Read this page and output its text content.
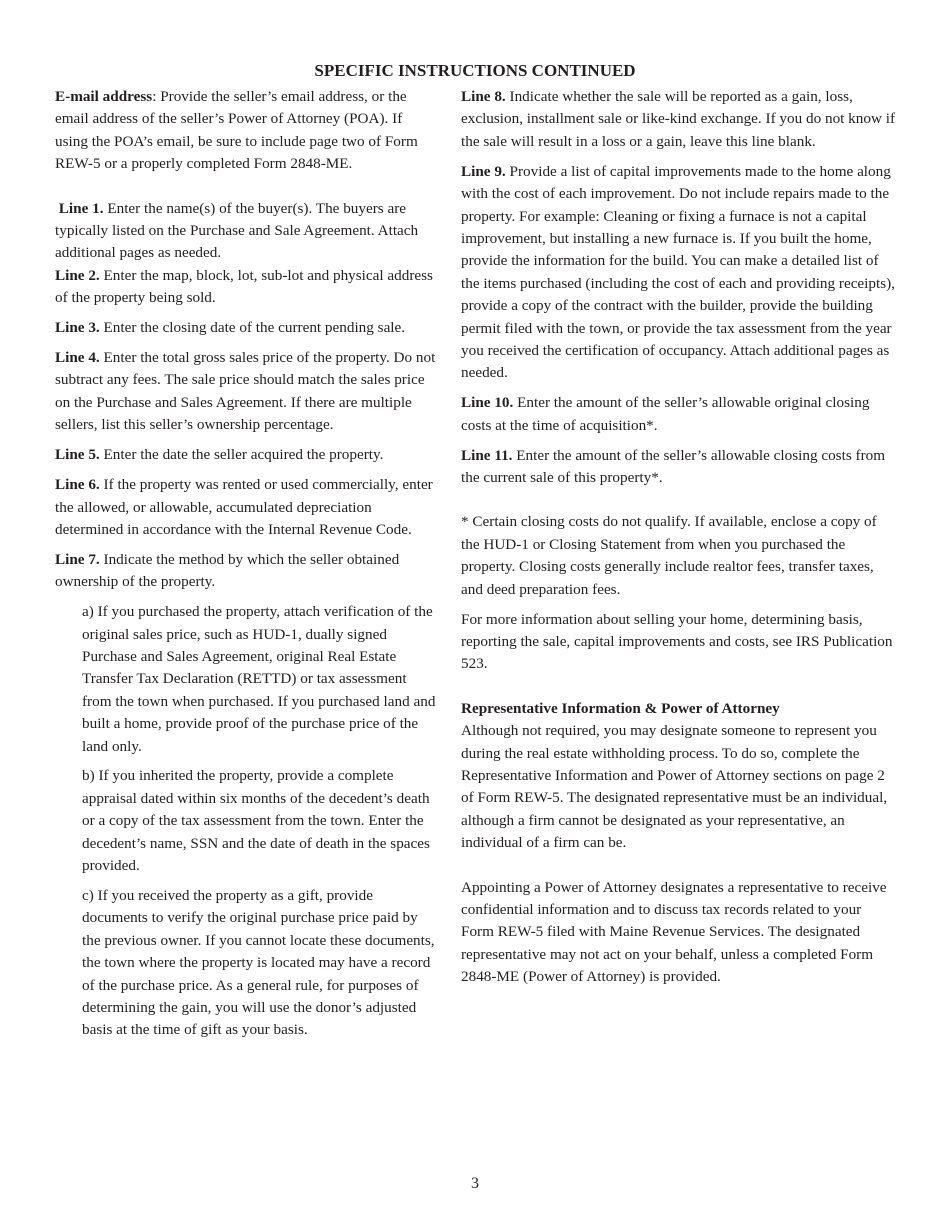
SPECIFIC INSTRUCTIONS CONTINUED

E-mail address: Provide the seller’s email address, or the email address of the seller’s Power of Attorney (POA). If using the POA’s email, be sure to include page two of Form REW-5 or a properly completed Form 2848-ME.

Line 1. Enter the name(s) of the buyer(s). The buyers are typically listed on the Purchase and Sale Agreement. Attach additional pages as needed.

Line 2. Enter the map, block, lot, sub-lot and physical address of the property being sold.

Line 3. Enter the closing date of the current pending sale.

Line 4. Enter the total gross sales price of the property. Do not subtract any fees. The sale price should match the sales price on the Purchase and Sales Agreement. If there are multiple sellers, list this seller’s ownership percentage.

Line 5. Enter the date the seller acquired the property.

Line 6. If the property was rented or used commercially, enter the allowed, or allowable, accumulated depreciation determined in accordance with the Internal Revenue Code.

Line 7. Indicate the method by which the seller obtained ownership of the property.

a) If you purchased the property, attach verification of the original sales price, such as HUD-1, dually signed Purchase and Sales Agreement, original Real Estate Transfer Tax Declaration (RETTD) or tax assessment from the town when purchased. If you purchased land and built a home, provide proof of the purchase price of the land only.

b) If you inherited the property, provide a complete appraisal dated within six months of the decedent’s death or a copy of the tax assessment from the town. Enter the decedent’s name, SSN and the date of death in the spaces provided.

c) If you received the property as a gift, provide documents to verify the original purchase price paid by the previous owner. If you cannot locate these documents, the town where the property is located may have a record of the purchase price. As a general rule, for purposes of determining the gain, you will use the donor’s adjusted basis at the time of gift as your basis.

Line 8. Indicate whether the sale will be reported as a gain, loss, exclusion, installment sale or like-kind exchange. If you do not know if the sale will result in a loss or a gain, leave this line blank.

Line 9. Provide a list of capital improvements made to the home along with the cost of each improvement. Do not include repairs made to the property. For example: Cleaning or fixing a furnace is not a capital improvement, but installing a new furnace is. If you built the home, provide the information for the build. You can make a detailed list of the items purchased (including the cost of each and providing receipts), provide a copy of the contract with the builder, provide the building permit filed with the town, or provide the tax assessment from the year you received the certification of occupancy. Attach additional pages as needed.

Line 10. Enter the amount of the seller’s allowable original closing costs at the time of acquisition*.

Line 11. Enter the amount of the seller’s allowable closing costs from the current sale of this property*.

* Certain closing costs do not qualify. If available, enclose a copy of the HUD-1 or Closing Statement from when you purchased the property. Closing costs generally include realtor fees, transfer taxes, and deed preparation fees.

For more information about selling your home, determining basis, reporting the sale, capital improvements and costs, see IRS Publication 523.

Representative Information & Power of Attorney
Although not required, you may designate someone to represent you during the real estate withholding process. To do so, complete the Representative Information and Power of Attorney sections on page 2 of Form REW-5. The designated representative must be an individual, although a firm cannot be designated as your representative, an individual of a firm can be.

Appointing a Power of Attorney designates a representative to receive confidential information and to discuss tax records related to your Form REW-5 filed with Maine Revenue Services. The designated representative may not act on your behalf, unless a completed Form 2848-ME (Power of Attorney) is provided.

3
